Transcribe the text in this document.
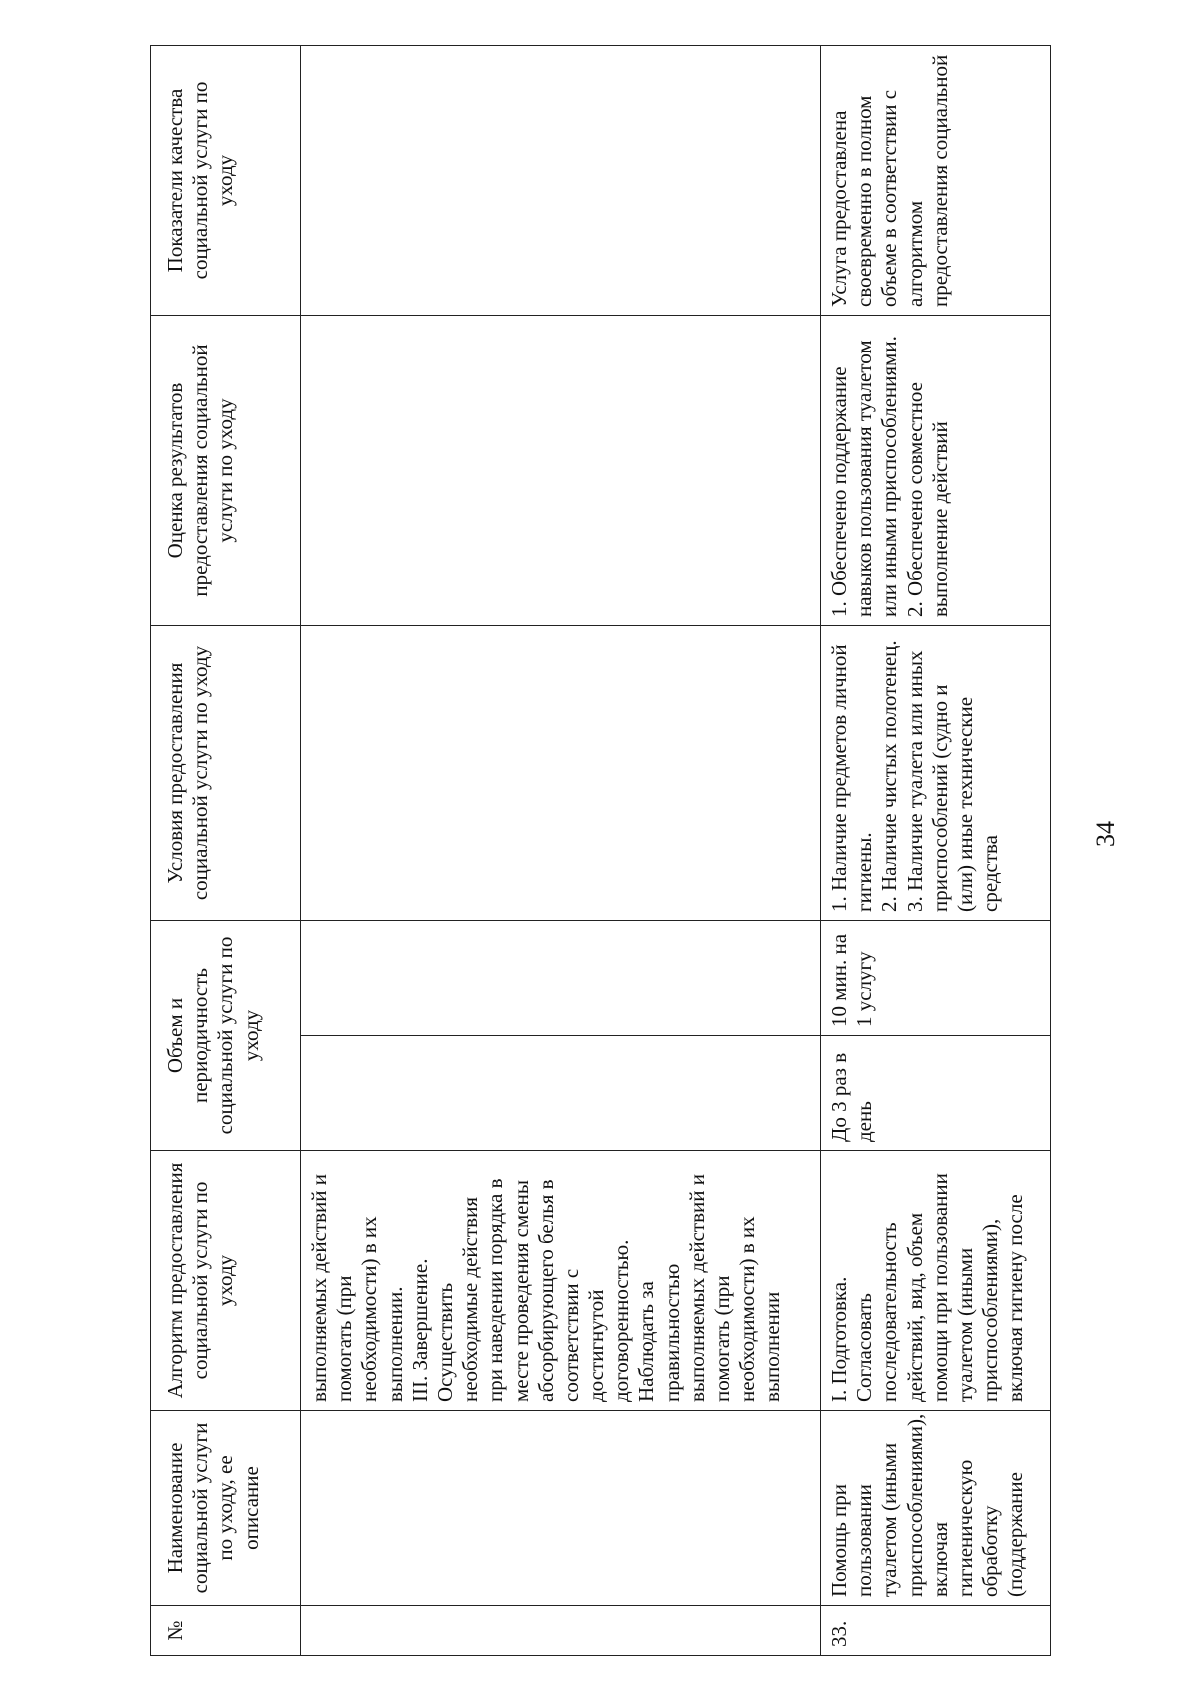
34
№	Наименование социальной услуги по уходу, ее описание	Алгоритм предоставления социальной услуги по уходу	Объем и периодичность социальной услуги по уходу		Условия предоставления социальной услуги по уходу	Оценка результатов предоставления социальной услуги по уходу	Показатели качества социальной услуги по уходу
		выполняемых действий и помогать (при необходимости) в их выполнении.
III. Завершение.
Осуществить необходимые действия при наведении порядка в месте проведения смены абсорбирующего белья в соответствии с достигнутой договоренностью.
Наблюдать за правильностью выполняемых действий и помогать (при необходимости) в их выполнении					
33.	Помощь при пользовании туалетом (иными приспособлениями), включая гигиеническую обработку (поддержание	I. Подготовка.
Согласовать последовательность действий, вид, объем помощи при пользовании туалетом (иными приспособлениями), включая гигиену после	До 3 раз в день	10 мин. на 1 услугу	1. Наличие предметов личной гигиены.
2. Наличие чистых полотенец.
3. Наличие туалета или иных приспособлений (судно и (или) иные технические средства	1. Обеспечено поддержание навыков пользования туалетом или иными приспособлениями.
2. Обеспечено совместное выполнение действий	Услуга предоставлена своевременно в полном объеме в соответствии с алгоритмом предоставления социальной
